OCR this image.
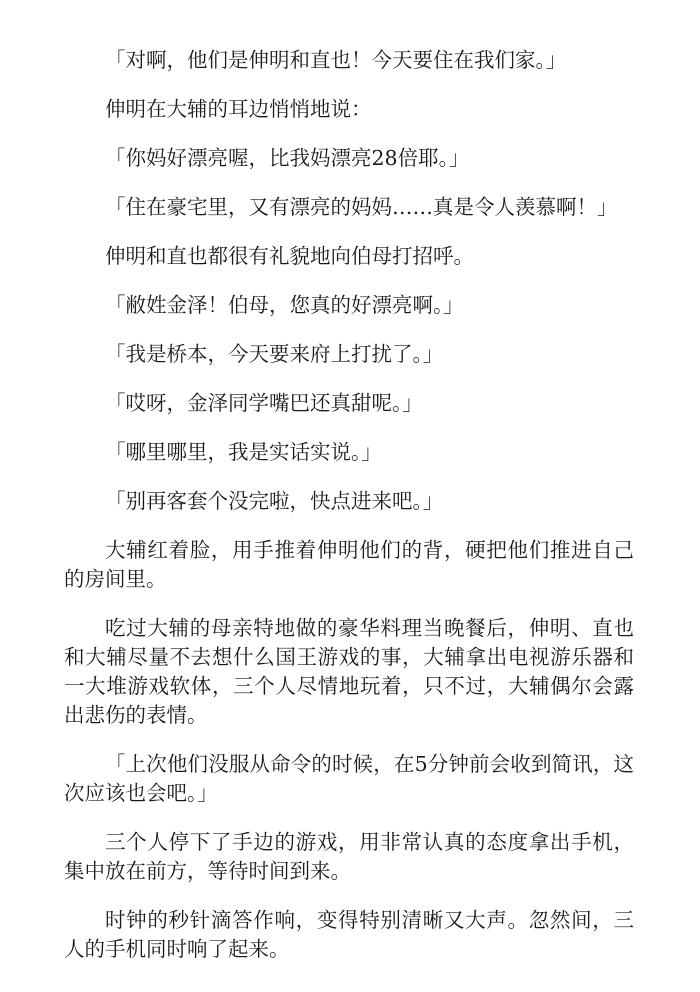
「对啊，他们是伸明和直也！今天要住在我们家。」

伸明在大辅的耳边悄悄地说：

「你妈好漂亮喔，比我妈漂亮28倍耶。」

「住在豪宅里，又有漂亮的妈妈……真是令人羡慕啊！」

伸明和直也都很有礼貌地向伯母打招呼。

「敝姓金泽！伯母，您真的好漂亮啊。」

「我是桥本，今天要来府上打扰了。」

「哎呀，金泽同学嘴巴还真甜呢。」

「哪里哪里，我是实话实说。」

「别再客套个没完啦，快点进来吧。」

大辅红着脸，用手推着伸明他们的背，硬把他们推进自己的房间里。

吃过大辅的母亲特地做的豪华料理当晚餐后，伸明、直也和大辅尽量不去想什么国王游戏的事，大辅拿出电视游乐器和一大堆游戏软体，三个人尽情地玩着，只不过，大辅偶尔会露出悲伤的表情。

「上次他们没服从命令的时候，在5分钟前会收到简讯，这次应该也会吧。」

三个人停下了手边的游戏，用非常认真的态度拿出手机，集中放在前方，等待时间到来。

时钟的秒针滴答作响，变得特别清晰又大声。忽然间，三人的手机同时响了起来。
